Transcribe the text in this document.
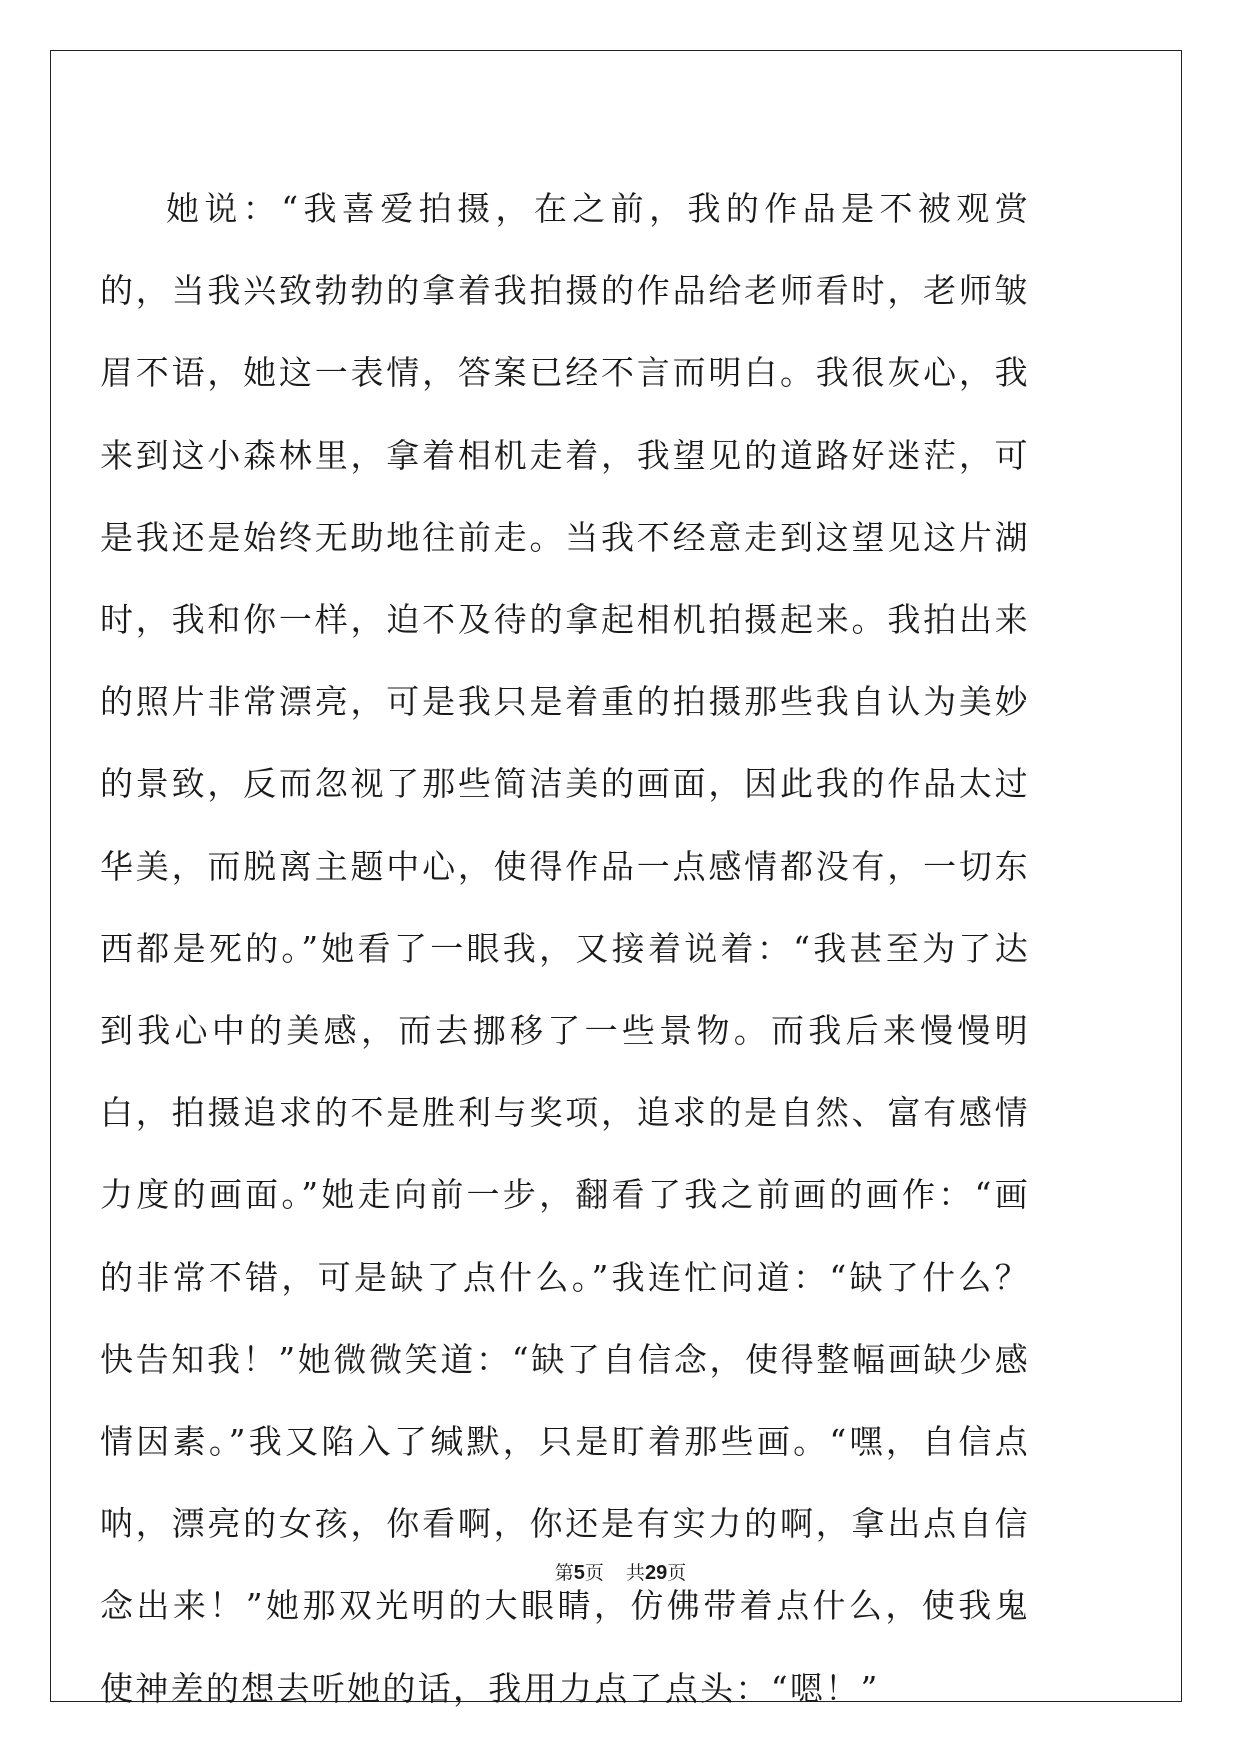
她说：“我喜爱拍摄，在之前，我的作品是不被观赏的，当我兴致勃勃的拿着我拍摄的作品给老师看时，老师皱眉不语，她这一表情，答案已经不言而明白。我很灰心，我来到这小森林里，拿着相机走着，我望见的道路好迷茫，可是我还是始终无助地往前走。当我不经意走到这望见这片湖时，我和你一样，迫不及待的拿起相机拍摄起来。我拍出来的照片非常漂亮，可是我只是着重的拍摄那些我自认为美妙的景致，反而忽视了那些简洁美的画面，因此我的作品太过华美，而脱离主题中心，使得作品一点感情都没有，一切东西都是死的。”她看了一眼我，又接着说着：“我甚至为了达到我心中的美感，而去挪移了一些景物。而我后来慢慢明白，拍摄追求的不是胜利与奖项，追求的是自然、富有感情力度的画面。”她走向前一步，翻看了我之前画的画作：“画的非常不错，可是缺了点什么。”我连忙问道：“缺了什么？快告知我！”她微微笑道：“缺了自信念，使得整幅画缺少感情因素。”我又陷入了缄默，只是盯着那些画。“嘿，自信点呐，漂亮的女孩，你看啊，你还是有实力的啊，拿出点自信念出来！”她那双光明的大眼睛，仿佛带着点什么，使我鬼使神差的想去听她的话，我用力点了点头：“嗯！”

第5页 共29页
